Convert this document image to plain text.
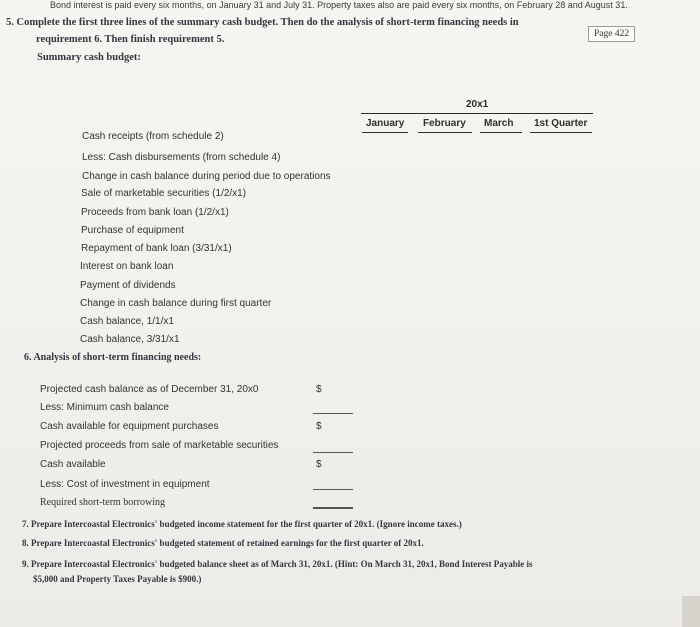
Bond interest is paid every six months, on January 31 and July 31. Property taxes also are paid every six months, on February 28 and August 31.
5. Complete the first three lines of the summary cash budget. Then do the analysis of short-term financing needs in
requirement 6. Then finish requirement 5.	Page 422
Summary cash budget:
20x1
January February March 1st Quarter
Cash receipts (from schedule 2)
Less: Cash disbursements (from schedule 4)
Change in cash balance during period due to operations
Sale of marketable securities (1/2/x1)
Proceeds from bank loan (1/2/x1)
Purchase of equipment
Repayment of bank loan (3/31/x1)
Interest on bank loan
Payment of dividends
Change in cash balance during first quarter
Cash balance, 1/1/x1
Cash balance, 3/31/x1
6. Analysis of short-term financing needs:
Projected cash balance as of December 31, 20x0
Less: Minimum cash balance
Cash available for equipment purchases
Projected proceeds from sale of marketable securities
Cash available
Less: Cost of investment in equipment
Required short-term borrowing
$
$
$
7. Prepare Intercoastal Electronics' budgeted income statement for the first quarter of 20x1. (Ignore income taxes.)
8. Prepare Intercoastal Electronics' budgeted statement of retained earnings for the first quarter of 20x1.
9. Prepare Intercoastal Electronics' budgeted balance sheet as of March 31, 20x1. (Hint: On March 31, 20x1, Bond Interest Payable is
$5,000 and Property Taxes Payable is $900.)
